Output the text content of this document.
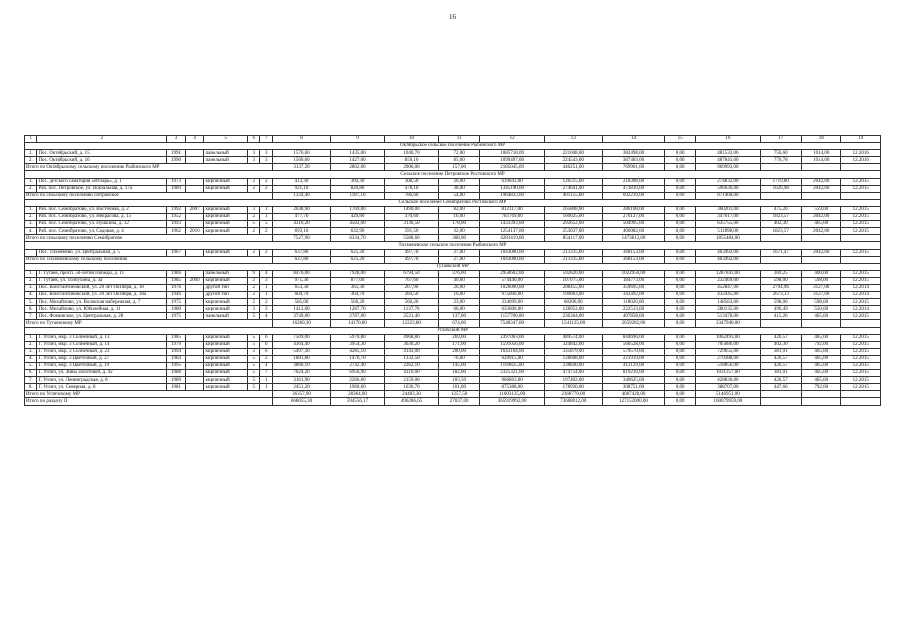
16
1	2	3	4	5	6	7	8	9	10	11	12	13	14	15	16	17	18	19
Октябрьское сельское поселение Рыбинского МР																		
1.	Пос. Октябрьский, д. 15	1991		панельный	3	3	1576,60	1435,00	1046,70	72,00	1085718,09	221608,00	382498,00	0,00	481532,06	756,60	1014,00	12.2016
2.	Пос. Октябрьский, д. 16	1990		панельный	3	3	1560,60	1427,00	859,10	85,00	1099497,00	224543,00	387403,00	0,00	487841,00	770,78	1014,00	12.2016
Итого по Октябрьскому сельскому поселению Рыбинского МР							3137,20	2862,00	2906,00	157,00	2185045,09	446251,00	769901,00	0,00	969993,00			
Сельское поселение Петровское Ростовского МР																		
1.	Пос. детского санатория «Итларь», д. 1	1973		кирпичный	2	2	413,30	369,30	308,50	26,00	619643,00	126515,00	218308,00	0,00	274832,00	1719,80	2042,00	12.2015
2.	Раб. пос. Петровское, ул. Вокзальная, д. 17а	1989		кирпичный	2	2	921,10	820,80	478,10	38,00	1345190,00	274641,00	473810,00	0,00	596636,00	1626,98	2042,00	12.2015
Итого по сельскому поселению Петровское							1334,40	1187,10	786,60	54,00	1964833,00	401155,00	692210,00	0,00	871468,00			
Сельское поселение Семибратово Ростовского МР																		
1.	Раб. пос. Семибратово, ул. Восточная, д. 2	1992	2007	кирпичный	3	3	2038,90	1769,00	1490,00	82,00	812117,00	165808,00	286108,00	0,00	360201,00	475,20	559,00	12.2015
2.	Раб. пос. Семибратово, ул. Некрасова, д. 15	1952		кирпичный	2	1	477,70	429,80	370,60	16,00	783769,00	160025,00	276127,00	0,00	347617,00	1823,57	2042,00	12.2015
3.	Раб. пос. Семибратово, ул. Пушкина, д. 12	1993		кирпичный	5	5	4316,20	4562,00	3136,50	178,00	1433393,00	292652,00	504995,00	0,00	635755,00	402,30	465,00	12.2015
4.	Раб. пос. Семибратово, ул. Садовая, д. 4	1962	2010	кирпичный	2	2	693,10	632,90	591,50	32,00	1254137,00	253037,00	406082,00	0,00	511898,00	1823,57	2042,00	12.2015
Итого по сельскому поселению Семибратово							7527,90	6334,70	5588,60	308,00	4283419,00	854117,00	1473812,00	0,00	1855484,00			
Тихменевское сельское поселение Рыбинского МР																		
	Пос. Тихменево, ул. Центральная, д. 5	1967		кирпичный	2	2	637,80	625,20	497,70	27,00	1043000,00	213335,00	368153,00	0,00	463492,00	1671,47	2042,00	12.2015
Итого по Тихменевскому сельскому поселению							637,80	625,20	497,70	27,00	1043000,00	213335,00	368153,00	0,00	463492,00			
Тутаевский МР																		
1.	Г. Тутаев, просп. 50-летия Победы, д. 11	1986		панельный	9	4	8476,00	7928,00	6794,50	376,00	2950602,00	592820,00	1022950,00	0,00	1287843,00	369,25	400,00	12.2015
2.	Г. Тутаев, ул. Толбухина, д. 3а	1985	2009	кирпичный	2	3	975,30	877,00	767,60	40,00	574440,00	107075,00	184773,00	0,00	232469,00	598,00	598,00	12.2015
3.	Пос. Константиновский, ул. 20 лет Октября, д. 18	1976		другой тип	2	1	653,30	365,30	267,90	26,00	1026000,00	208455,00	359695,00	0,00	452847,00	2794,96	3127,00	12.2014
4.	Пос. Константиновский, ул. 20 лет Октября, д. 18а	1946		другой тип	2	1	604,70	364,70	284,50	16,00	975000,00	199063,00	343492,00	0,00	432445,00	2673,33	3127,00	12.2014
5.	Пос. Михайлово, ул. Волжская набережная, д. 7	1975		кирпичный	2	2	585,00	560,20	560,20	23,00	334099,00	68206,00	118020,00	0,00	148563,00	598,00	598,00	12.2015
6.	Пос. Михайлово, ул. Юбилейная, д. 11	1980		кирпичный	3	3	1412,00	1287,70	1137,70	66,00	633600,00	128952,00	222513,00	0,00	280135,00	490,49	550,00	12.2014
7.	Пос. Фоминское, ул. Центральная, д. 28	1975		панельный	5	4	3749,00	2787,00	2521,40	137,00	1157700,00	236364,00	407858,00	0,00	513478,00	415,26	465,00	12.2015
Итого по Тутаевскому МР							16260,30	14170,80	12223,80	674,00	7548347,00	1541125,00	2659282,00	0,00	3347940,00			
Угличский МР																		
1.	Г. Углич, мкр. 3 Солнечный, д. 13	1985		кирпичный	5	6	7509,00	5970,80	4968,80	269,00	2397063,00	489574,00	844696,00	0,00	1062493,00	426,57	465,00	12.2015
2.	Г. Углич, мкр. 3 Солнечный, д. 14	1979		кирпичный	5	6	4364,40	3954,30	3630,20	171,00	1591056,00	324842,00	560528,00	0,00	705686,00	402,30	792,00	12.2015
3.	Г. Углич, мкр. 3 Солнечный, д. 23	1994		кирпичный	3	6	5497,30	4285,10	4143,00	200,00	1643104,00	335879,00	579570,00	0,00	729655,00	381,91	465,00	12.2015
4.	Г. Углич, мкр. 3 Цветочный, д. 27	1984		кирпичный	5	2	1881,80	1476,70	1332,50	76,00	629915,00	128608,00	221919,00	0,00	279388,00	426,57	465,00	12.2015
5.	Г. Углич, мкр. 3 Цветочный, д. 19	1995		кирпичный	5	4	3866,10	2742,40	2262,10	145,00	1169825,00	238840,00	412129,00	0,00	518856,00	426,57	465,00	12.2015
6.	Г. Углич, ул. Зины Золотовой, д. 42	1988		кирпичный	5	7	7624,20	6956,90	4310,00	182,00	2325321,00	474754,00	819210,00	0,00	1031357,00	383,91	465,00	12.2015
7.	Г. Углич, ул. Ленинградская, д. 8	1989		кирпичный	5	1	3161,90	2266,60	2159,00	103,50	966863,00	197402,00	340625,00	0,00	428836,00	426,57	465,00	12.2015
8.	Г. Углич, ул. Северная, д. 8	1981		кирпичный	5	1	2451,20	1960,60	1636,70	161,00	875388,00	178930,00	308751,00	0,00	388707,00	447,66	792,00	12.2015
Итого по Угличскому МР							36357,90	28364,00	24483,30	1257,50	11603135,00	2368770,00	4087428,00	0,00	5146951,00			
Итого по разделу II							668055,30	594556,17	496286,65	27037,00	365919992,00	73688012,00	127152000,00	0,00	160079959,00			
